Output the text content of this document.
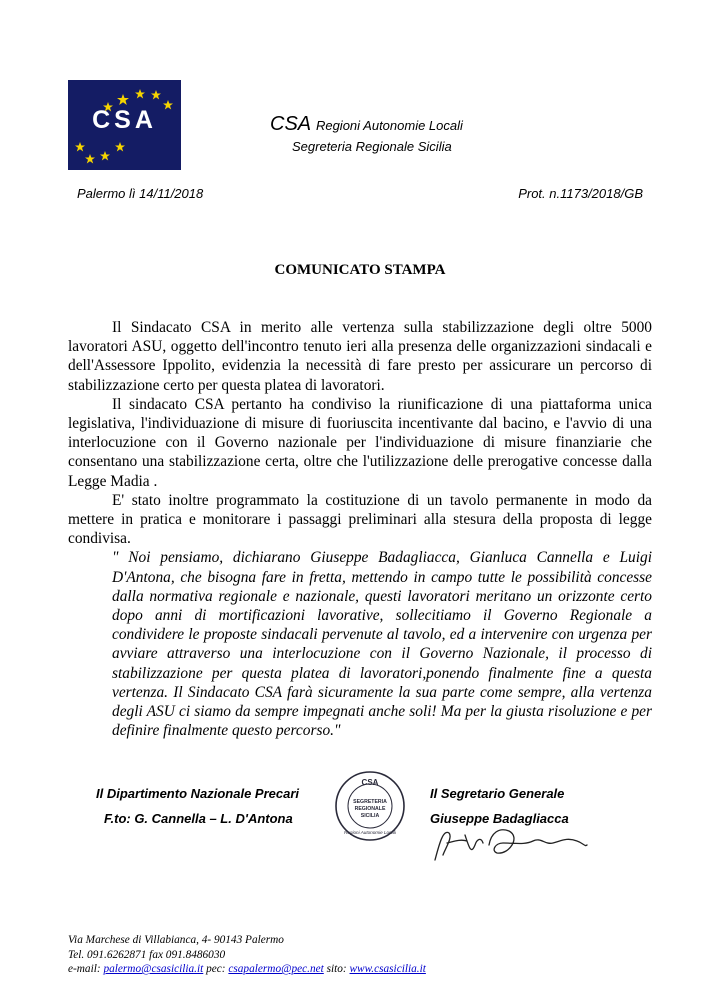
CSA	CSA Regioni Autonomie Locali
Segreteria Regionale Sicilia
Palermo lì 14/11/2018	Prot. n.1173/2018/GB
COMUNICATO STAMPA

Il Sindacato CSA in merito alle vertenza sulla stabilizzazione degli oltre 5000 lavoratori ASU, oggetto dell'incontro tenuto ieri alla presenza delle organizzazioni sindacali e dell'Assessore Ippolito, evidenzia la necessità di fare presto per assicurare un percorso di stabilizzazione certo per questa platea di lavoratori.

Il sindacato CSA pertanto ha condiviso la riunificazione di una piattaforma unica legislativa, l'individuazione di misure di fuoriuscita incentivante dal bacino, e l'avvio di una interlocuzione con il Governo nazionale per l'individuazione di misure finanziarie che consentano una stabilizzazione certa, oltre che l'utilizzazione delle prerogative concesse dalla Legge Madia .

E' stato inoltre programmato la costituzione di un tavolo permanente in modo da mettere in pratica e monitorare i passaggi preliminari alla stesura della proposta di legge condivisa.

" Noi pensiamo, dichiarano Giuseppe Badagliacca, Gianluca Cannella e Luigi D'Antona, che bisogna fare in fretta, mettendo in campo tutte le possibilità concesse dalla normativa regionale e nazionale, questi lavoratori meritano un orizzonte certo dopo anni di mortificazioni lavorative, sollecitiamo il Governo Regionale a condividere le proposte sindacali pervenute al tavolo, ed a intervenire con urgenza per avviare attraverso una interlocuzione con il Governo Nazionale, il processo di stabilizzazione per questa platea di lavoratori,ponendo finalmente fine a questa vertenza. Il Sindacato CSA farà sicuramente la sua parte come sempre, alla vertenza degli ASU ci siamo da sempre impegnati anche soli! Ma per la giusta risoluzione e per definire finalmente questo percorso."

Il Dipartimento Nazionale Precari
F.to: G. Cannella – L. D'Antona
Il Segretario Generale
Giuseppe Badagliacca
CSA
SEGRETERIA
REGIONALE
SICILIA
Regioni Autonomie Locali
Via Marchese di Villabianca, 4- 90143 Palermo
Tel. 091.6262871 fax 091.8486030
e-mail: palermo@csasicilia.it pec: csapalermo@pec.net sito: www.csasicilia.it
